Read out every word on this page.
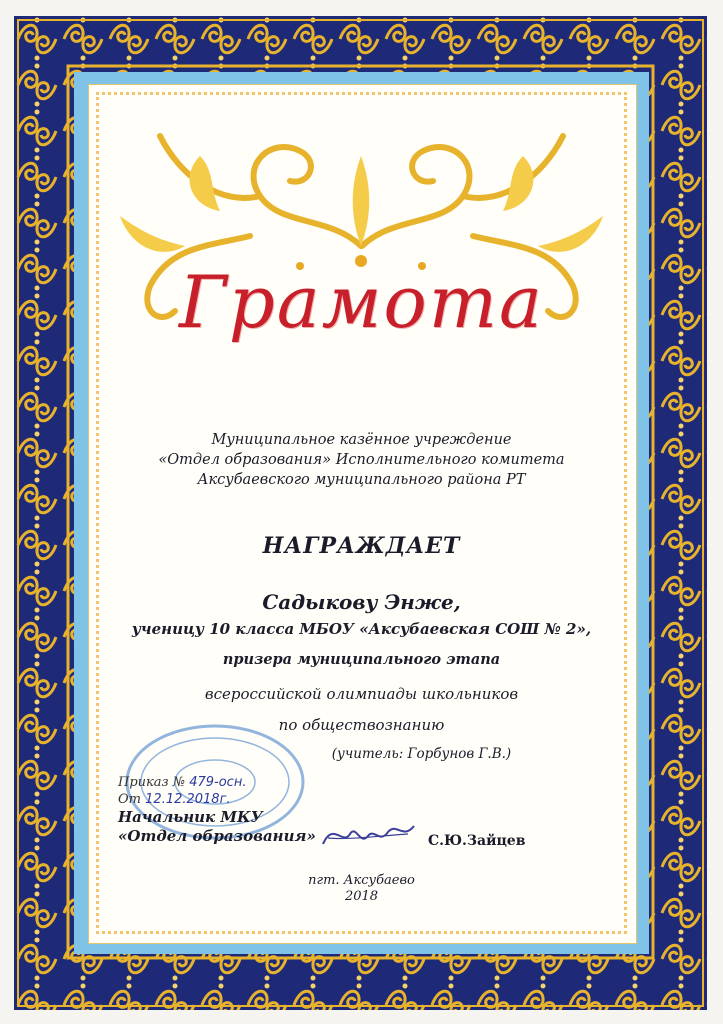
Грамота
Муниципальное казённое учреждение
«Отдел образования» Исполнительного комитета
Аксубаевского муниципального района РТ
НАГРАЖДАЕТ
Садыкову Энже,
ученицу 10 класса МБОУ «Аксубаевская СОШ № 2»,
призера муниципального этапа
всероссийской олимпиады школьников
по обществознанию
(учитель: Горбунов Г.В.)
Приказ № 479-осн.
От 12.12.2018г.
Начальник МКУ
«Отдел образования»	С.Ю.Зайцев
пгт. Аксубаево
2018
